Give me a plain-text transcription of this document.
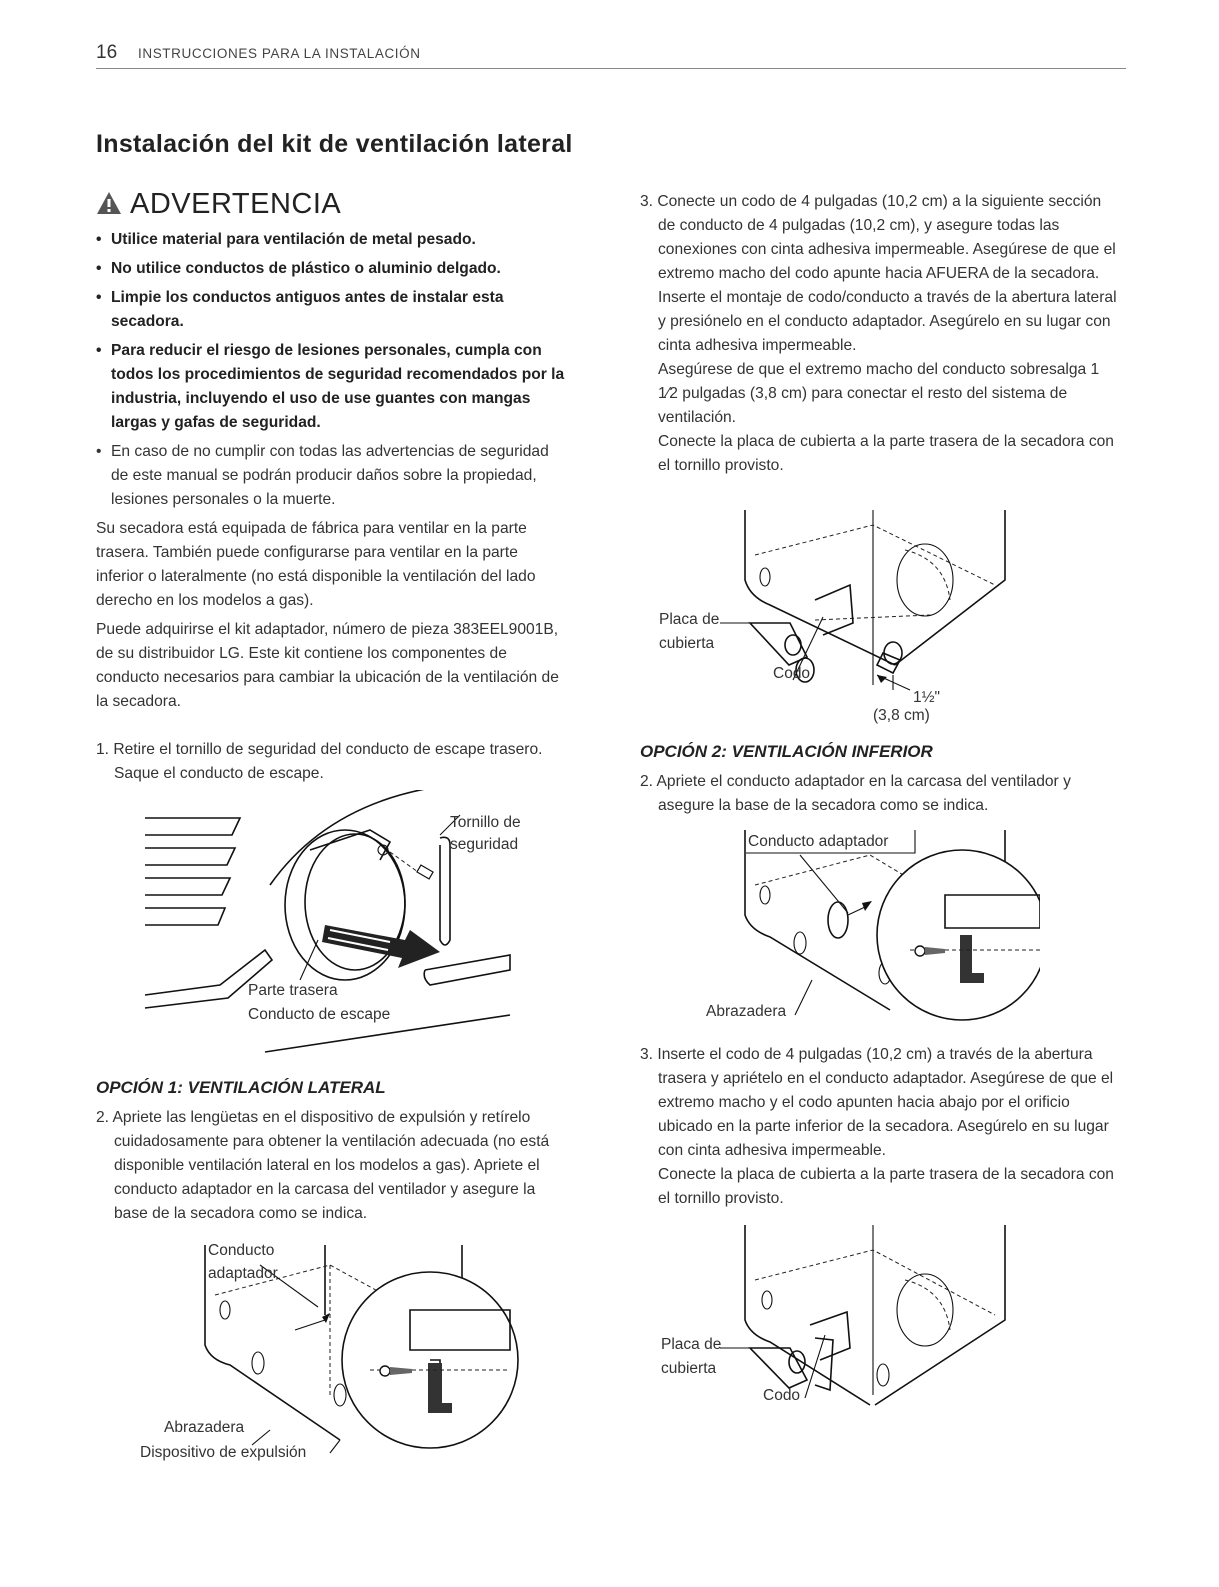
16 INSTRUCCIONES PARA LA INSTALACIÓN
Instalación del kit de ventilación lateral
ADVERTENCIA
• Utilice material para ventilación de metal pesado.
• No utilice conductos de plástico o aluminio delgado.
• Limpie los conductos antiguos antes de instalar esta secadora.
• Para reducir el riesgo de lesiones personales, cumpla con todos los procedimientos de seguridad recomendados por la industria, incluyendo el uso de use guantes con mangas largas y gafas de seguridad.
• En caso de no cumplir con todas las advertencias de seguridad de este manual se podrán producir daños sobre la propiedad, lesiones personales o la muerte.

Su secadora está equipada de fábrica para ventilar en la parte trasera. También puede configurarse para ventilar en la parte inferior o lateralmente (no está disponible la ventilación del lado derecho en los modelos a gas).

Puede adquirirse el kit adaptador, número de pieza 383EEL9001B, de su distribuidor LG. Este kit contiene los componentes de conducto necesarios para cambiar la ubicación de la ventilación de la secadora.

1. Retire el tornillo de seguridad del conducto de escape trasero. Saque el conducto de escape.

Tornillo de seguridad
Parte trasera
Conducto de escape
OPCIÓN 1: VENTILACIÓN LATERAL

2. Apriete las lengüetas en el dispositivo de expulsión y retírelo cuidadosamente para obtener la ventilación adecuada (no está disponible ventilación lateral en los modelos a gas). Apriete el conducto adaptador en la carcasa del ventilador y asegure la base de la secadora como se indica.

Conducto
adaptador
Abrazadera
Dispositivo de expulsión

3. Conecte un codo de 4 pulgadas (10,2 cm) a la siguiente sección de conducto de 4 pulgadas (10,2 cm), y asegure todas las conexiones con cinta adhesiva impermeable. Asegúrese de que el extremo macho del codo apunte hacia AFUERA de la secadora.
Inserte el montaje de codo/conducto a través de la abertura lateral y presiónelo en el conducto adaptador. Asegúrelo en su lugar con cinta adhesiva impermeable.
Asegúrese de que el extremo macho del conducto sobresalga 1 1⁄2 pulgadas (3,8 cm) para conectar el resto del sistema de ventilación.
Conecte la placa de cubierta a la parte trasera de la secadora con el tornillo provisto.

Placa de
cubierta
Codo
1½"
(3,8 cm)
OPCIÓN 2: VENTILACIÓN INFERIOR

2. Apriete el conducto adaptador en la carcasa del ventilador y asegure la base de la secadora como se indica.

Conducto adaptador
Abrazadera

3. Inserte el codo de 4 pulgadas (10,2 cm) a través de la abertura trasera y apriételo en el conducto adaptador. Asegúrese de que el extremo macho y el codo apunten hacia abajo por el orificio ubicado en la parte inferior de la secadora. Asegúrelo en su lugar con cinta adhesiva impermeable.
Conecte la placa de cubierta a la parte trasera de la secadora con el tornillo provisto.

Placa de
cubierta
Codo
